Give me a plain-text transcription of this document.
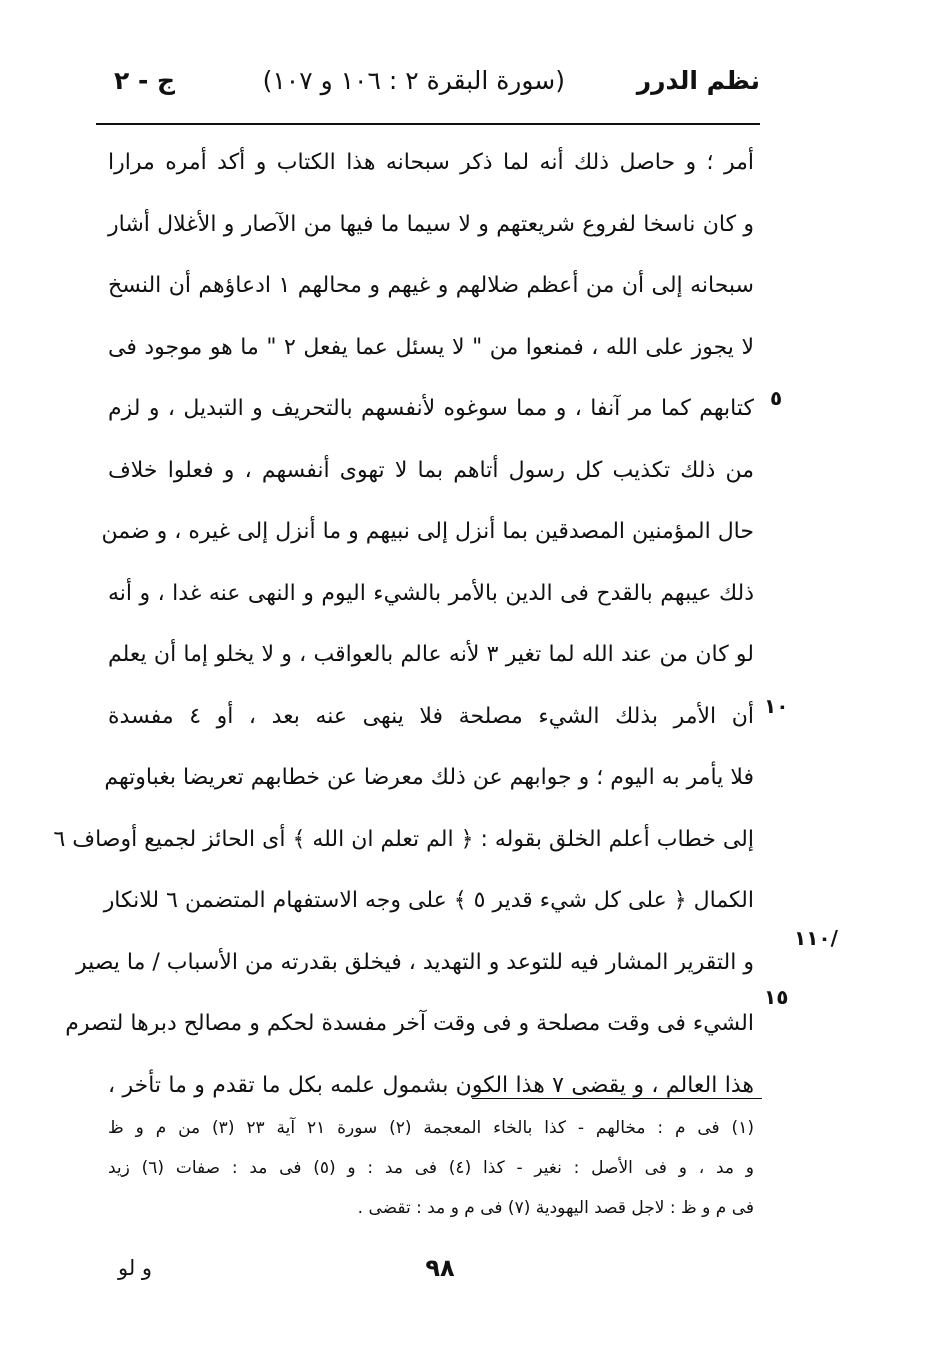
نظم الدرر
(سورة البقرة ٢ : ١٠٦ و ١٠٧)
ج - ٢
أمر ؛ و حاصل ذلك أنه لما ذكر سبحانه هذا الكتاب و أكد أمره مرارا
و كان ناسخا لفروع شريعتهم و لا سيما ما فيها من الآصار و الأغلال أشار
سبحانه إلى أن من أعظم ضلالهم و غيهم و محالهم ١ ادعاؤهم أن النسخ
لا يجوز على الله ، فمنعوا من " لا يسئل عما يفعل ٢ " ما هو موجود فى
كتابهم كما مر آنفا ، و مما سوغوه لأنفسهم بالتحريف و التبديل ، و لزم
من ذلك تكذيب كل رسول أتاهم بما لا تهوى أنفسهم ، و فعلوا خلاف
حال المؤمنين المصدقين بما أنزل إلى نبيهم و ما أنزل إلى غيره ، و ضمن
ذلك عيبهم بالقدح فى الدين بالأمر بالشيء اليوم و النهى عنه غدا ، و أنه
لو كان من عند الله لما تغير ٣ لأنه عالم بالعواقب ، و لا يخلو إما أن يعلم
أن الأمر بذلك الشيء مصلحة فلا ينهى عنه بعد ، أو ٤ مفسدة
فلا يأمر به اليوم ؛ و جوابهم عن ذلك معرضا عن خطابهم تعريضا بغباوتهم
إلى خطاب أعلم الخلق بقوله : ﴿ الم تعلم ان الله ﴾ أى الحائز لجميع أوصاف ٦
الكمال ﴿ على كل شيء قدير ٥ ﴾ على وجه الاستفهام المتضمن ٦ للانكار
و التقرير المشار فيه للتوعد و التهديد ، فيخلق بقدرته من الأسباب / ما يصير
الشيء فى وقت مصلحة و فى وقت آخر مفسدة لحكم و مصالح دبرها لتصرم
هذا العالم ، و يقضى ٧ هذا الكون بشمول علمه بكل ما تقدم و ما تأخر ،
٥
١٠
١٥
/١١٠
(١) فى م : مخالهم - كذا بالخاء المعجمة (٢) سورة ٢١ آية ٢٣ (٣) من م و ظ
و مد ، و فى الأصل : نغير - كذا (٤) فى مد : و (٥) فى مد : صفات (٦) زيد
فى م و ظ : لاجل قصد اليهودية (٧) فى م و مد : تقضى .
٩٨
و لو
